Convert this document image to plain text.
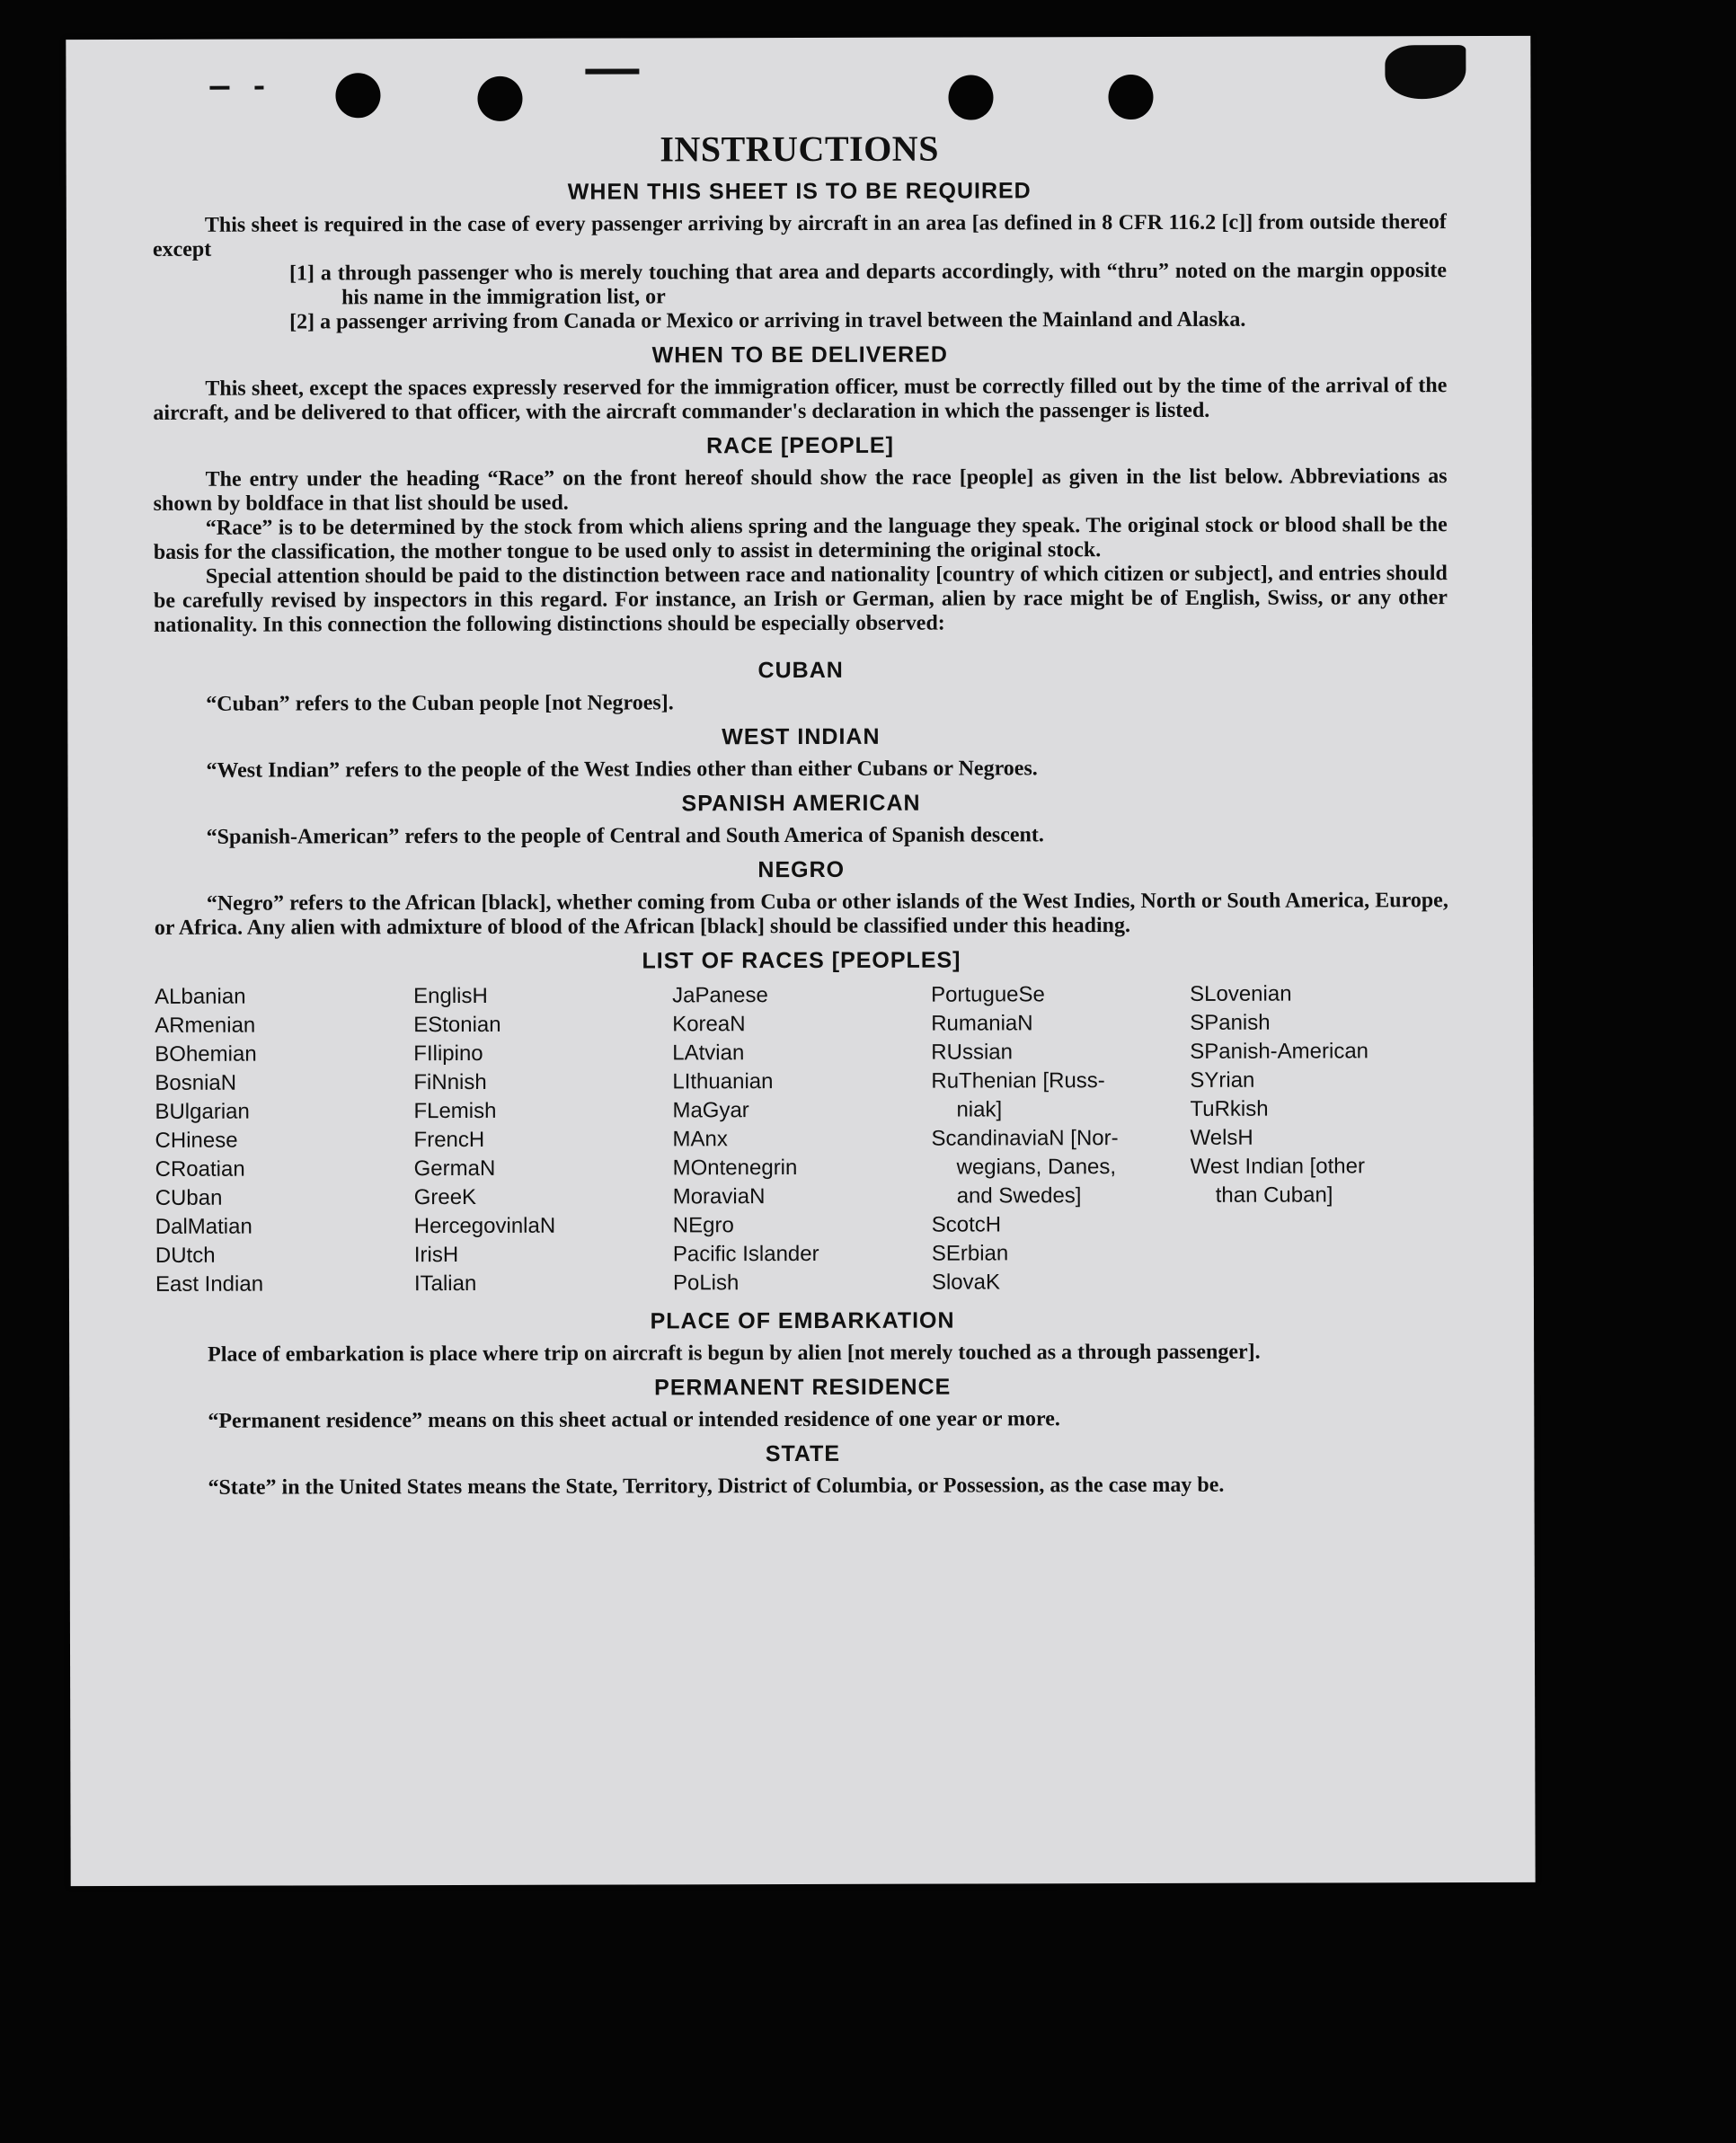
INSTRUCTIONS
WHEN THIS SHEET IS TO BE REQUIRED

This sheet is required in the case of every passenger arriving by aircraft in an area [as defined in 8 CFR 116.2 [c]] from outside thereof except

[1] a through passenger who is merely touching that area and departs accordingly, with “thru” noted on the margin opposite his name in the immigration list, or

[2] a passenger arriving from Canada or Mexico or arriving in travel between the Mainland and Alaska.

WHEN TO BE DELIVERED

This sheet, except the spaces expressly reserved for the immigration officer, must be correctly filled out by the time of the arrival of the aircraft, and be delivered to that officer, with the aircraft commander's declaration in which the passenger is listed.

RACE [PEOPLE]

The entry under the heading “Race” on the front hereof should show the race [people] as given in the list below. Abbreviations as shown by boldface in that list should be used.

“Race” is to be determined by the stock from which aliens spring and the language they speak. The original stock or blood shall be the basis for the classification, the mother tongue to be used only to assist in determining the original stock.

Special attention should be paid to the distinction between race and nationality [country of which citizen or subject], and entries should be carefully revised by inspectors in this regard. For instance, an Irish or German, alien by race might be of English, Swiss, or any other nationality. In this connection the following distinctions should be especially observed:

CUBAN

“Cuban” refers to the Cuban people [not Negroes].

WEST INDIAN

“West Indian” refers to the people of the West Indies other than either Cubans or Negroes.

SPANISH AMERICAN

“Spanish-American” refers to the people of Central and South America of Spanish descent.

NEGRO

“Negro” refers to the African [black], whether coming from Cuba or other islands of the West Indies, North or South America, Europe, or Africa. Any alien with admixture of blood of the African [black] should be classified under this heading.

LIST OF RACES [PEOPLES]
ALbanian
ARmenian
BOhemian
BosniaN
BUlgarian
CHinese
CRoatian
CUban
DalMatian
DUtch
East Indian
EnglisH
EStonian
FIlipino
FiNnish
FLemish
FrencH
GermaN
GreeK
HercegovinlaN
IrisH
ITalian
JaPanese
KoreaN
LAtvian
LIthuanian
MaGyar
MAnx
MOntenegrin
MoraviaN
NEgro
Pacific Islander
PoLish
PortugueSe
RumaniaN
RUssian
RuThenian [Russ-
niak]
ScandinaviaN [Nor-
wegians, Danes,
and Swedes]
ScotcH
SErbian
SlovaK
SLovenian
SPanish
SPanish-American
SYrian
TuRkish
WelsH
West Indian [other
than Cuban]
PLACE OF EMBARKATION

Place of embarkation is place where trip on aircraft is begun by alien [not merely touched as a through passenger].

PERMANENT RESIDENCE

“Permanent residence” means on this sheet actual or intended residence of one year or more.

STATE

“State” in the United States means the State, Territory, District of Columbia, or Possession, as the case may be.
